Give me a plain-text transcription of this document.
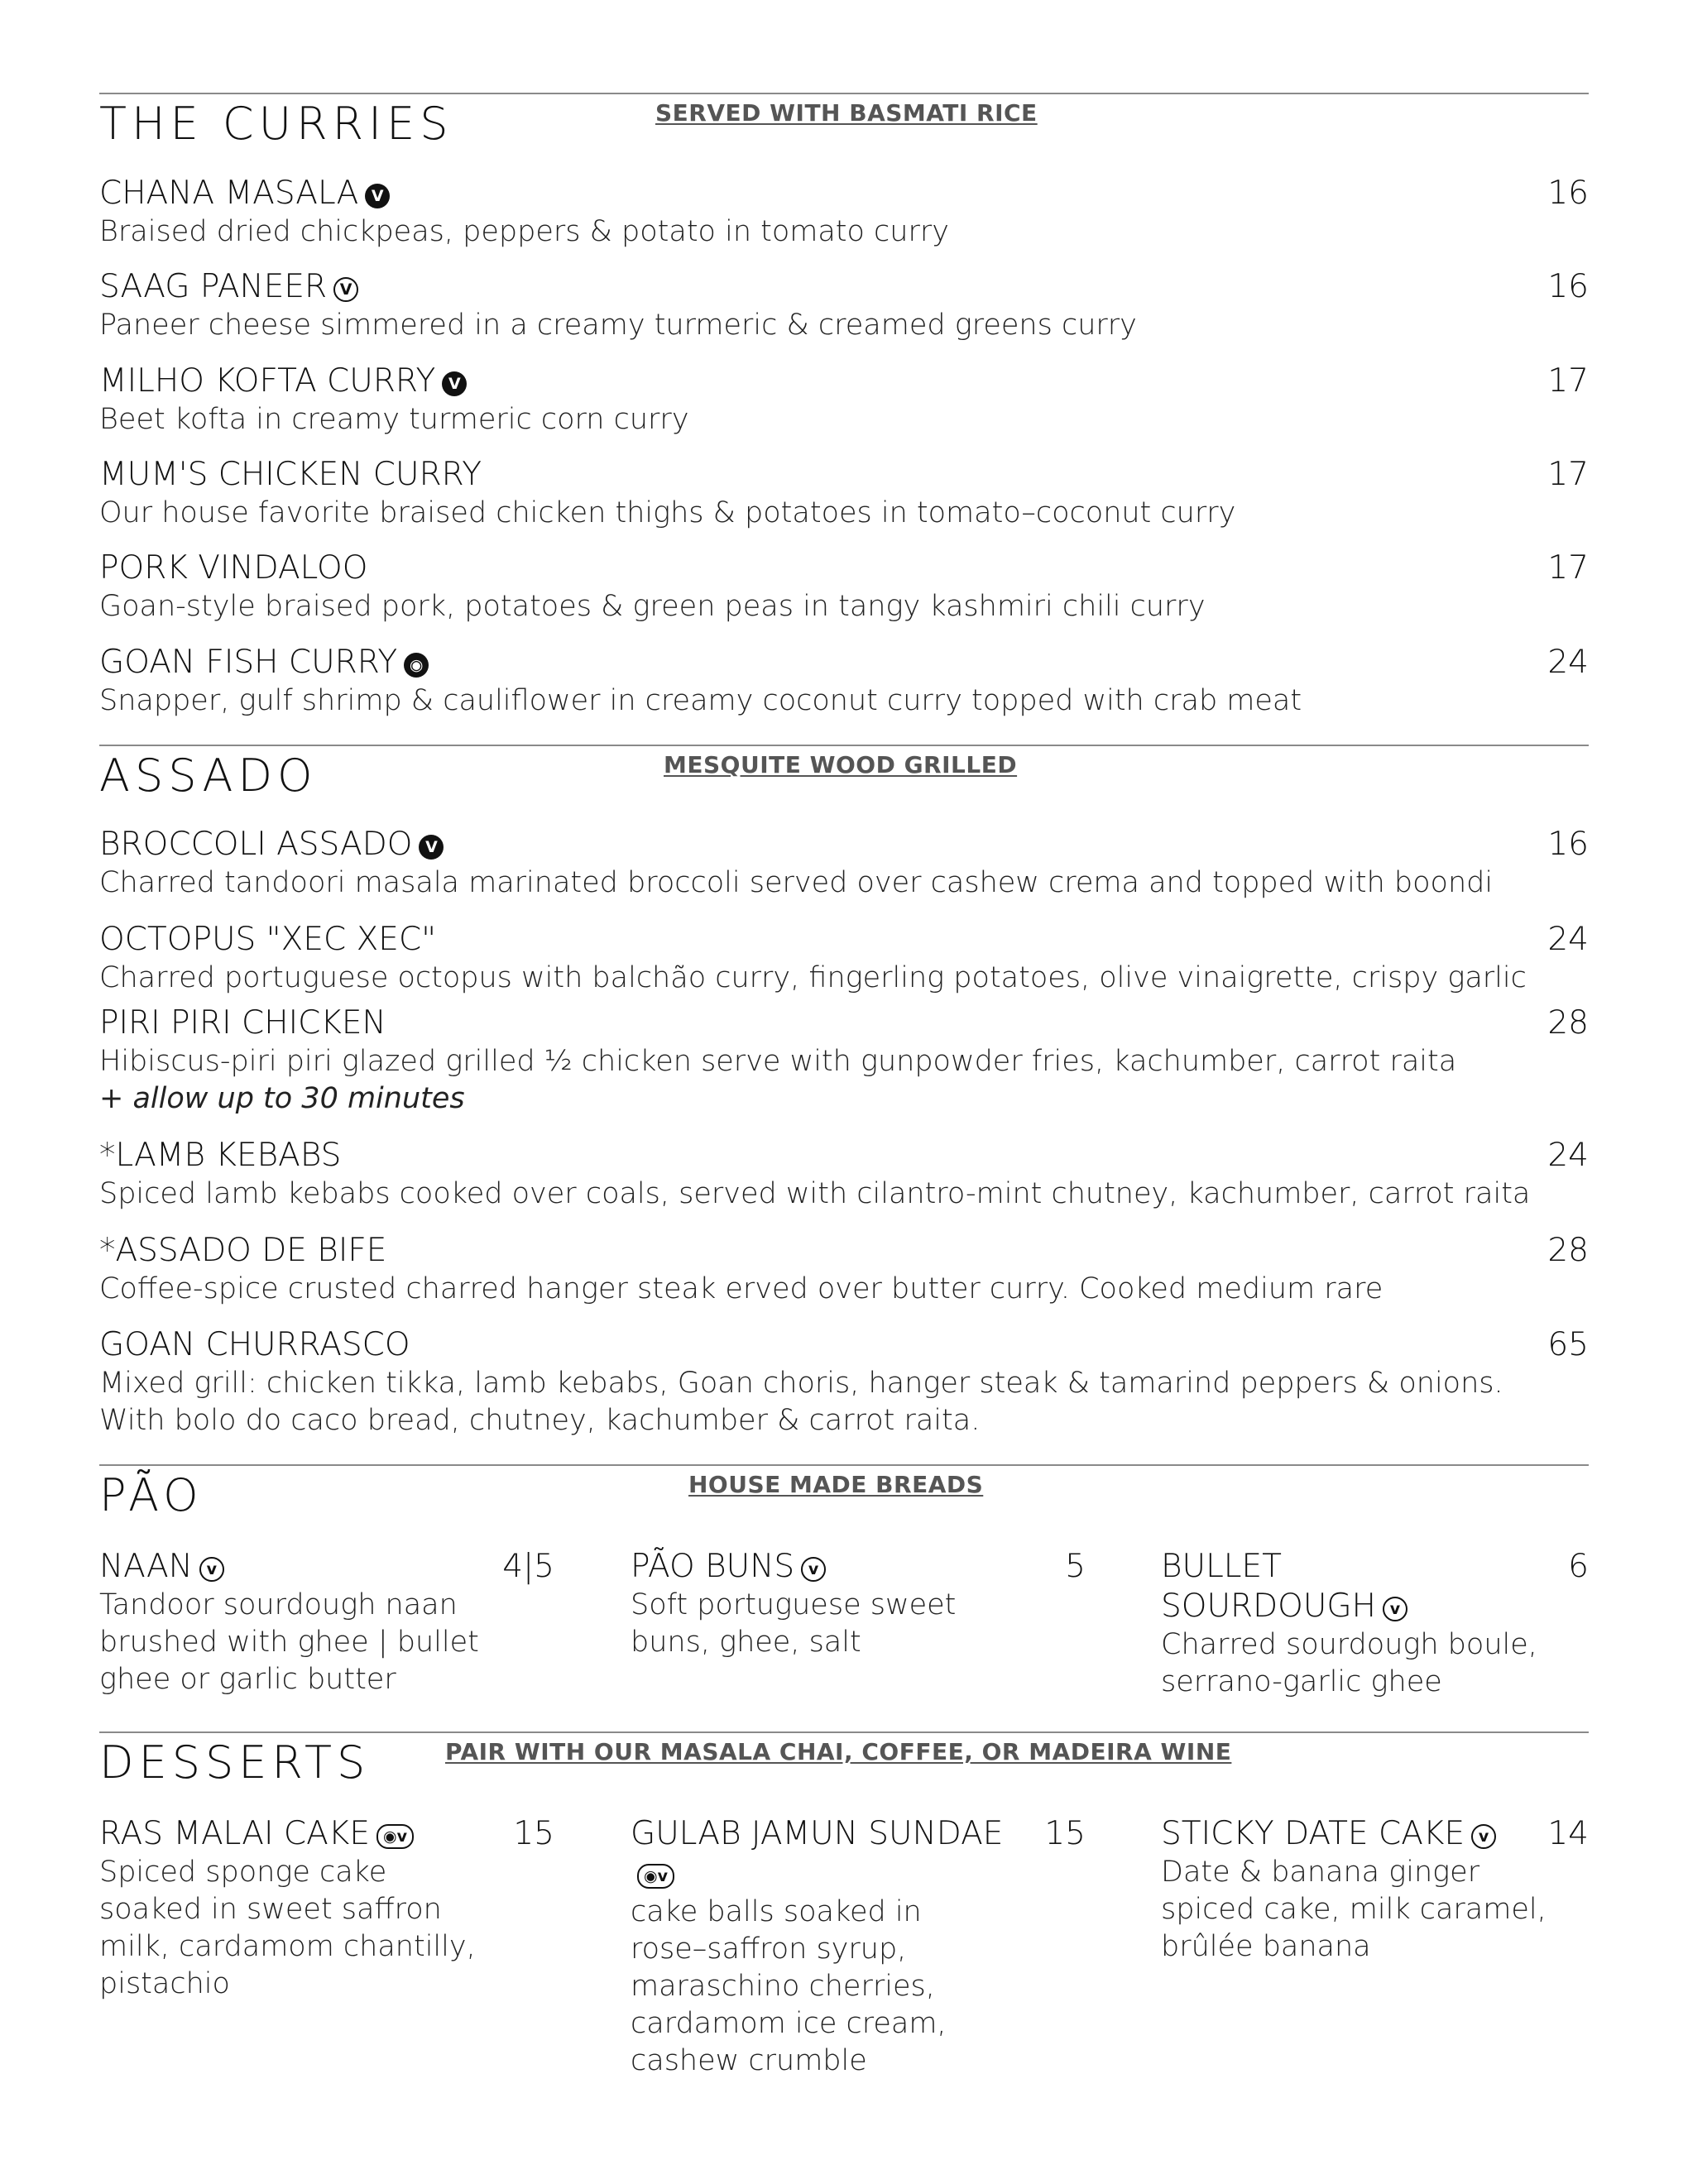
THE CURRIES	SERVED WITH BASMATI RICE
CHANA MASALA V	16
Braised dried chickpeas, peppers & potato in tomato curry
SAAG PANEER V	16
Paneer cheese simmered in a creamy turmeric & creamed greens curry
MILHO KOFTA CURRY V	17
Beet kofta in creamy turmeric corn curry
MUM'S CHICKEN CURRY	17
Our house favorite braised chicken thighs & potatoes in tomato–coconut curry
PORK VINDALOO	17
Goan-style braised pork, potatoes & green peas in tangy kashmiri chili curry
GOAN FISH CURRY ◉	24
Snapper, gulf shrimp & cauliflower in creamy coconut curry topped with crab meat
ASSADO	MESQUITE WOOD GRILLED
BROCCOLI ASSADO V	16
Charred tandoori masala marinated broccoli served over cashew crema and topped with boondi
OCTOPUS "XEC XEC"	24
Charred portuguese octopus with balchão curry, fingerling potatoes, olive vinaigrette, crispy garlic
PIRI PIRI CHICKEN	28
Hibiscus-piri piri glazed grilled ½ chicken serve with gunpowder fries, kachumber, carrot raita
+ allow up to 30 minutes
*LAMB KEBABS	24
Spiced lamb kebabs cooked over coals, served with cilantro-mint chutney, kachumber, carrot raita
*ASSADO DE BIFE	28
Coffee-spice crusted charred hanger steak erved over butter curry. Cooked medium rare
GOAN CHURRASCO	65
Mixed grill: chicken tikka, lamb kebabs, Goan choris, hanger steak & tamarind peppers & onions.
With bolo do caco bread, chutney, kachumber & carrot raita.
PÃO	HOUSE MADE BREADS
NAAN v	4|5
Tandoor sourdough naan brushed with ghee | bullet ghee or garlic butter
PÃO BUNS v	5
Soft portuguese sweet buns, ghee, salt
BULLET SOURDOUGH v
6
Charred sourdough boule, serrano-garlic ghee
DESSERTS	PAIR WITH OUR MASALA CHAI, COFFEE, OR MADEIRA WINE
RAS MALAI CAKE ◉v	15
Spiced sponge cake soaked in sweet saffron milk, cardamom chantilly, pistachio
GULAB JAMUN SUNDAE◉v
15
cake balls soaked in rose–saffron syrup, maraschino cherries, cardamom ice cream, cashew crumble
STICKY DATE CAKE v	14
Date & banana ginger spiced cake, milk caramel, brûlée banana
